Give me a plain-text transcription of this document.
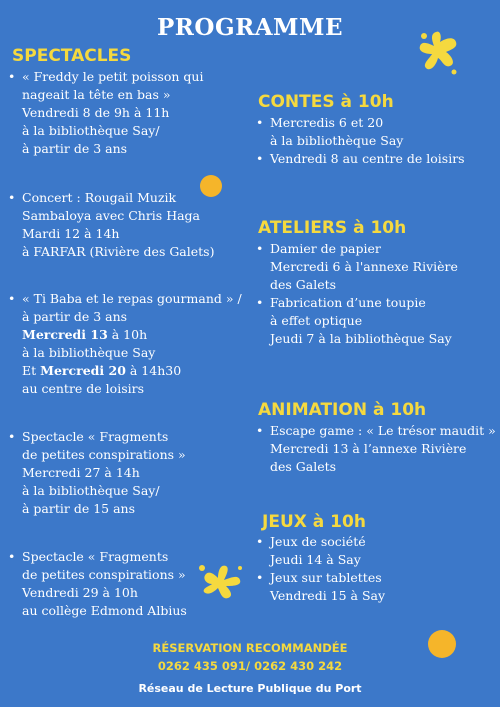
PROGRAMME
SPECTACLES
• « Freddy le petit poisson qui
nageait la tête en bas »
Vendredi 8 de 9h à 11h
à la bibliothèque Say/
à partir de 3 ans
• Concert : Rougail Muzik
Sambaloya avec Chris Haga
Mardi 12 à 14h
à FARFAR (Rivière des Galets)
• « Ti Baba et le repas gourmand » /
à partir de 3 ans
Mercredi 13 à 10h
à la bibliothèque Say
Et Mercredi 20 à 14h30
au centre de loisirs
• Spectacle « Fragments
de petites conspirations »
Mercredi 27 à 14h
à la bibliothèque Say/
à partir de 15 ans
• Spectacle « Fragments
de petites conspirations »
Vendredi 29 à 10h
au collège Edmond Albius
CONTES à 10h
• Mercredis 6 et 20
à la bibliothèque Say
• Vendredi 8 au centre de loisirs
ATELIERS à 10h
• Damier de papier
Mercredi 6 à l'annexe Rivière
des Galets
• Fabrication d’une toupie
à effet optique
Jeudi 7 à la bibliothèque Say
ANIMATION à 10h
• Escape game : « Le trésor maudit »
Mercredi 13 à l’annexe Rivière
des Galets
JEUX à 10h
• Jeux de société
Jeudi 14 à Say
• Jeux sur tablettes
Vendredi 15 à Say
RÉSERVATION RECOMMANDÉE
0262 435 091/ 0262 430 242
Réseau de Lecture Publique du Port
